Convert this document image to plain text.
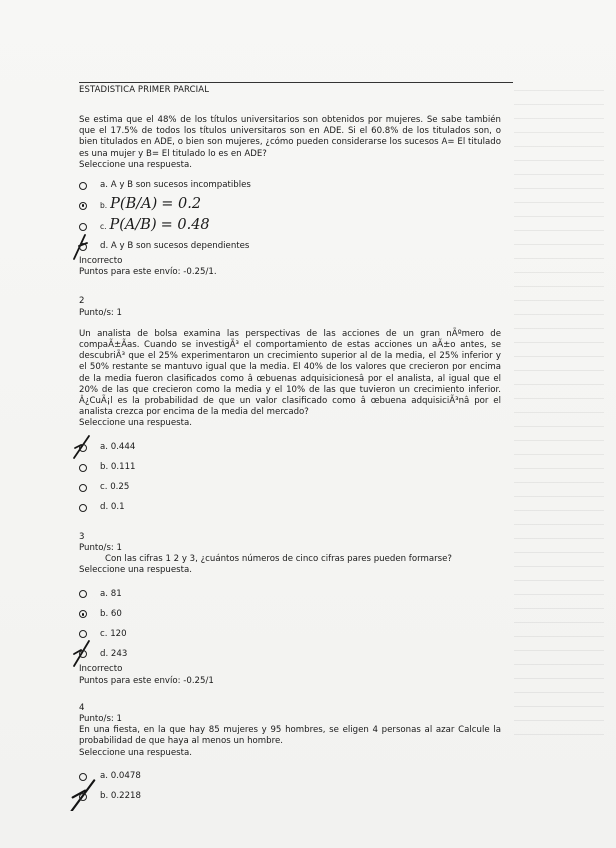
ESTADISTICA PRIMER PARCIAL

Se estima que el 48% de los títulos universitarios son obtenidos por mujeres. Se sabe también que el 17.5% de todos los títulos universitaros son en ADE. Si el 60.8% de los titulados son, o bien titulados en ADE, o bien son mujeres, ¿cómo pueden considerarse los sucesos A= El titulado es una mujer y B= El titulado lo es en ADE?

Seleccione una respuesta.

a. A y B son sucesos incompatibles
b. P(B/A) = 0.2
c. P(A/B) = 0.48
d. A y B son sucesos dependientes

Incorrecto

Puntos para este envío: -0.25/1.

2

Punto/s: 1

Un analista de bolsa examina las perspectivas de las acciones de un gran nÃºmero de compaÃ±Ãas. Cuando se investigÃ³ el comportamiento de estas acciones un aÃ±o antes, se descubriÃ³ que el 25% experimentaron un crecimiento superior al de la media, el 25% inferior y el 50% restante se mantuvo igual que la media. El 40% de los valores que crecieron por encima de la media fueron clasificados como â œbuenas adquisicionesâ por el analista, al igual que el 20% de las que crecieron como la media y el 10% de las que tuvieron un crecimiento inferior. Â¿CuÃ¡l es la probabilidad de que un valor clasificado como â œbuena adquisiciÃ³nâ por el analista crezca por encima de la media del mercado?

Seleccione una respuesta.

a. 0.444
b. 0.111
c. 0.25
d. 0.1

3

Punto/s: 1

Con las cifras 1 2 y 3, ¿cuántos números de cinco cifras pares pueden formarse?

Seleccione una respuesta.

a. 81
b. 60
c. 120
d. 243

Incorrecto

Puntos para este envío: -0.25/1

4

Punto/s: 1

En una fiesta, en la que hay 85 mujeres y 95 hombres, se eligen 4 personas al azar Calcule la probabilidad de que haya al menos un hombre.

Seleccione una respuesta.

a. 0.0478
b. 0.2218
